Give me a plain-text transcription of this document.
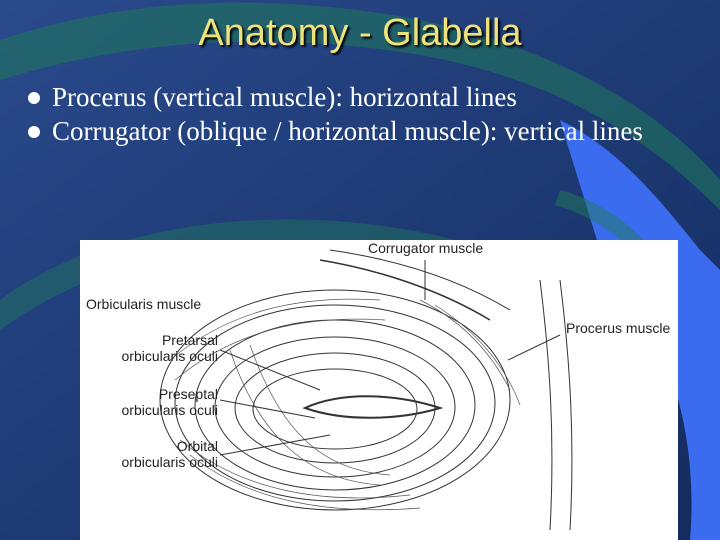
Anatomy - Glabella
Procerus (vertical muscle): horizontal lines
Corrugator (oblique / horizontal muscle): vertical lines
Corrugator muscle
Orbicularis muscle
Pretarsal
orbicularis oculi
Preseptal
orbicularis oculi
Orbital
orbicularis oculi
Procerus muscle
